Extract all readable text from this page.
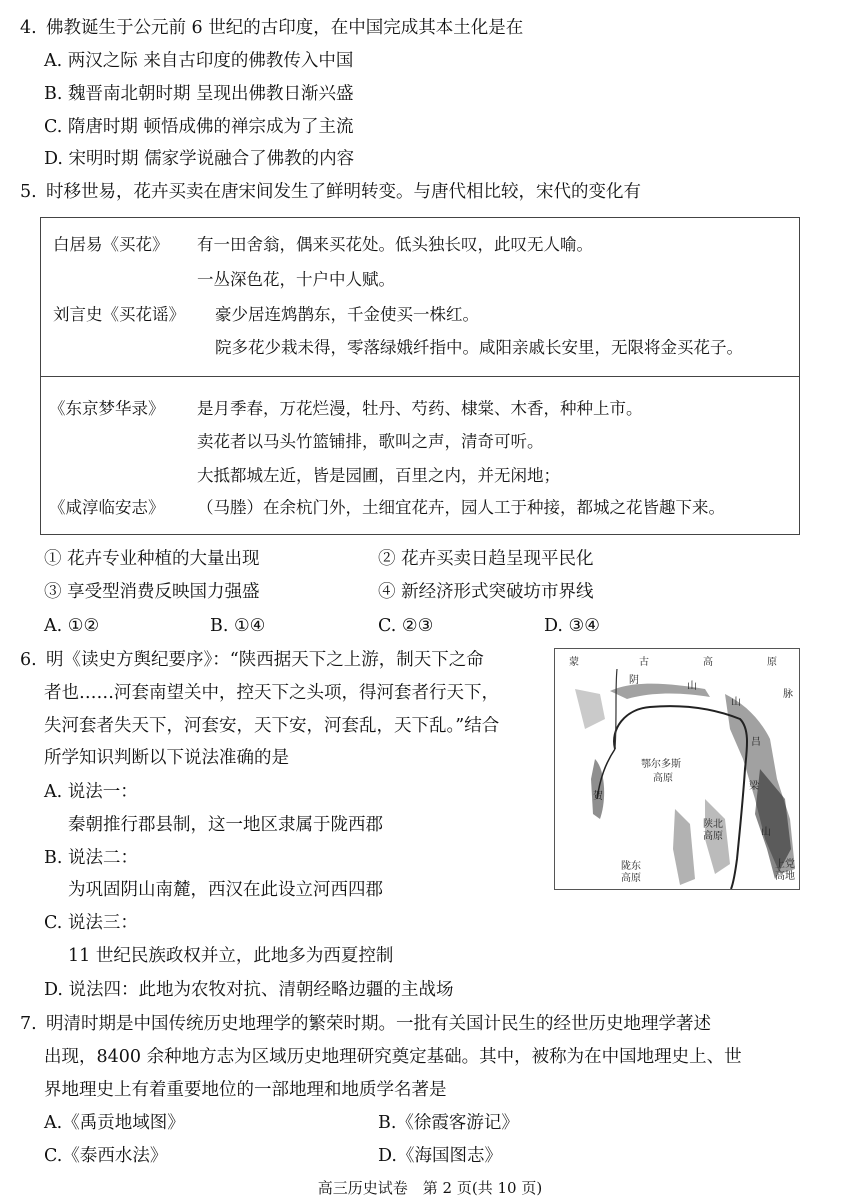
4. 佛教诞生于公元前 6 世纪的古印度，在中国完成其本土化是在
A. 两汉之际 来自古印度的佛教传入中国
B. 魏晋南北朝时期 呈现出佛教日渐兴盛
C. 隋唐时期 顿悟成佛的禅宗成为了主流
D. 宋明时期 儒家学说融合了佛教的内容
5. 时移世易，花卉买卖在唐宋间发生了鲜明转变。与唐代相比较，宋代的变化有
白居易《买花》 有一田舍翁，偶来买花处。低头独长叹，此叹无人喻。
一丛深色花，十户中人赋。
刘言史《买花谣》 豪少居连鸩鹊东，千金使买一株红。
院多花少栽未得，零落绿娥纤指中。咸阳亲戚长安里，无限将金买花子。
《东京梦华录》 是月季春，万花烂漫，牡丹、芍药、棣棠、木香，种种上市。
卖花者以马头竹篮铺排，歌叫之声，清奇可听。
大抵都城左近，皆是园圃，百里之内，并无闲地；
《咸淳临安志》 （马塍）在余杭门外，土细宜花卉，园人工于种接，都城之花皆趣下来。
① 花卉专业种植的大量出现	② 花卉买卖日趋呈现平民化
③ 享受型消费反映国力强盛	④ 新经济形式突破坊市界线
A. ①②	B. ①④	C. ②③	D. ③④
6. 明《读史方舆纪要序》：“陕西据天下之上游，制天下之命
者也……河套南望关中，控天下之头项，得河套者行天下，
失河套者失天下，河套安，天下安，河套乱，天下乱。”结合
所学知识判断以下说法准确的是
A. 说法一：
秦朝推行郡县制，这一地区隶属于陇西郡
B. 说法二：
为巩固阴山南麓，西汉在此设立河西四郡
C. 说法三：
11 世纪民族政权并立，此地多为西夏控制
D. 说法四：此地为农牧对抗、清朝经略边疆的主战场
蒙	古	高	原
阴
山
山
脉
贺
吕
梁
山
鄂尔多斯
高原
陕北
高原
陇东
高原
上党
高地
7. 明清时期是中国传统历史地理学的繁荣时期。一批有关国计民生的经世历史地理学著述
出现，8400 余种地方志为区域历史地理研究奠定基础。其中，被称为在中国地理史上、世
界地理史上有着重要地位的一部地理和地质学名著是
A.《禹贡地域图》	B.《徐霞客游记》
C.《泰西水法》	D.《海国图志》
高三历史试卷　第 2 页(共 10 页)
